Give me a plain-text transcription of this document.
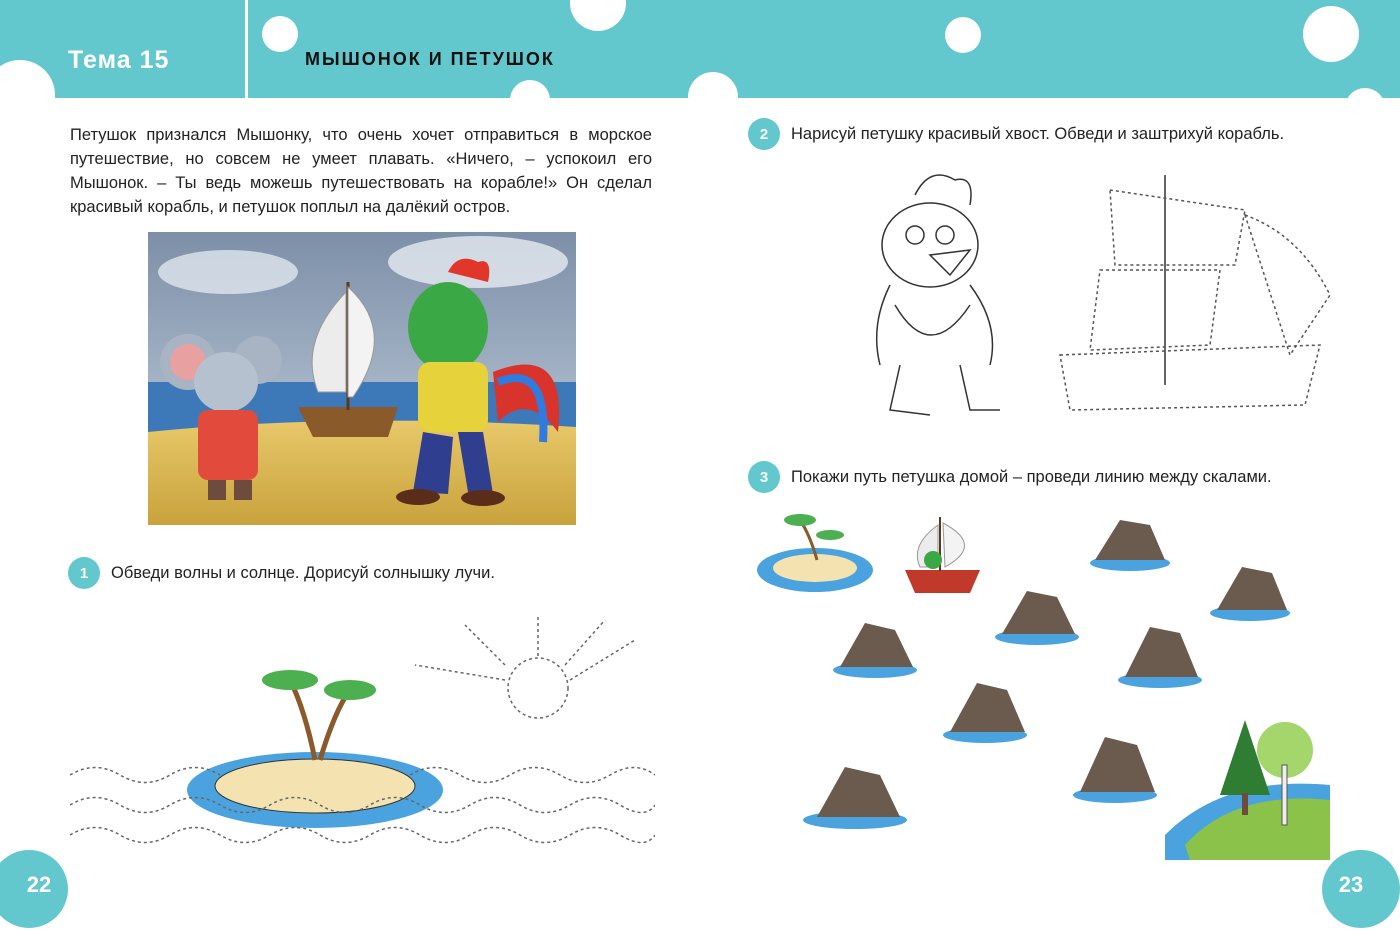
Тема 15	МЫШОНОК И ПЕТУШОК
Петушок признался Мышонку, что очень хочет отправиться в морское путешествие, но совсем не умеет плавать. «Ничего, – успокоил его Мышонок. – Ты ведь можешь путешествовать на корабле!» Он сделал красивый корабль, и петушок поплыл на далёкий остров.
1	Обведи волны и солнце. Дорисуй солнышку лучи.
2	Нарисуй петушку красивый хвост. Обведи и заштрихуй корабль.
3	Покажи путь петушка домой – проведи линию между скалами.
22	23
